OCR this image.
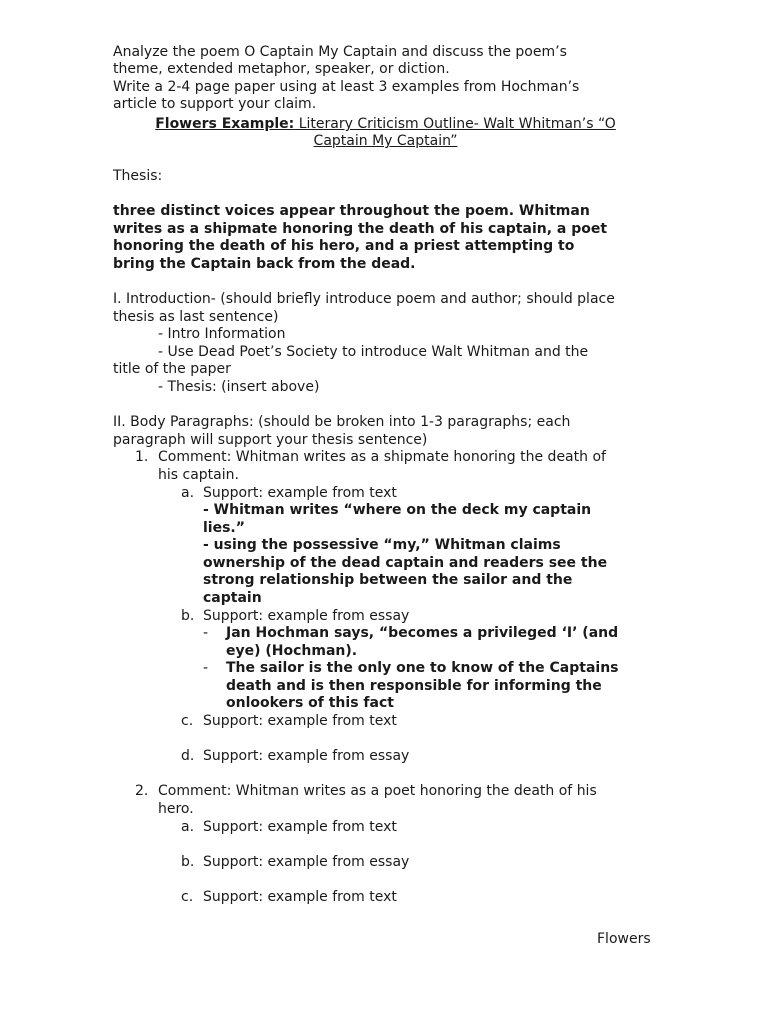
Analyze the poem O Captain My Captain and discuss the poem’s
theme, extended metaphor, speaker, or diction.
Write a 2-4 page paper using at least 3 examples from Hochman’s
article to support your claim.
Flowers Example: Literary Criticism Outline- Walt Whitman’s “O
Captain My Captain”
Thesis:
three distinct voices appear throughout the poem. Whitman
writes as a shipmate honoring the death of his captain, a poet
honoring the death of his hero, and a priest attempting to
bring the Captain back from the dead.
I. Introduction- (should briefly introduce poem and author; should place
thesis as last sentence)
- Intro Information
- Use Dead Poet’s Society to introduce Walt Whitman and the
title of the paper
- Thesis: (insert above)
II. Body Paragraphs: (should be broken into 1-3 paragraphs; each
paragraph will support your thesis sentence)
1. Comment: Whitman writes as a shipmate honoring the death of
his captain.
a. Support: example from text
- Whitman writes “where on the deck my captain
lies.”
- using the possessive “my,” Whitman claims
ownership of the dead captain and readers see the
strong relationship between the sailor and the
captain
b. Support: example from essay
- Jan Hochman says, “becomes a privileged ‘I’ (and
eye) (Hochman).
- The sailor is the only one to know of the Captains
death and is then responsible for informing the
onlookers of this fact
c. Support: example from text
d. Support: example from essay
2. Comment: Whitman writes as a poet honoring the death of his
hero.
a. Support: example from text
b. Support: example from essay
c. Support: example from text
Flowers
